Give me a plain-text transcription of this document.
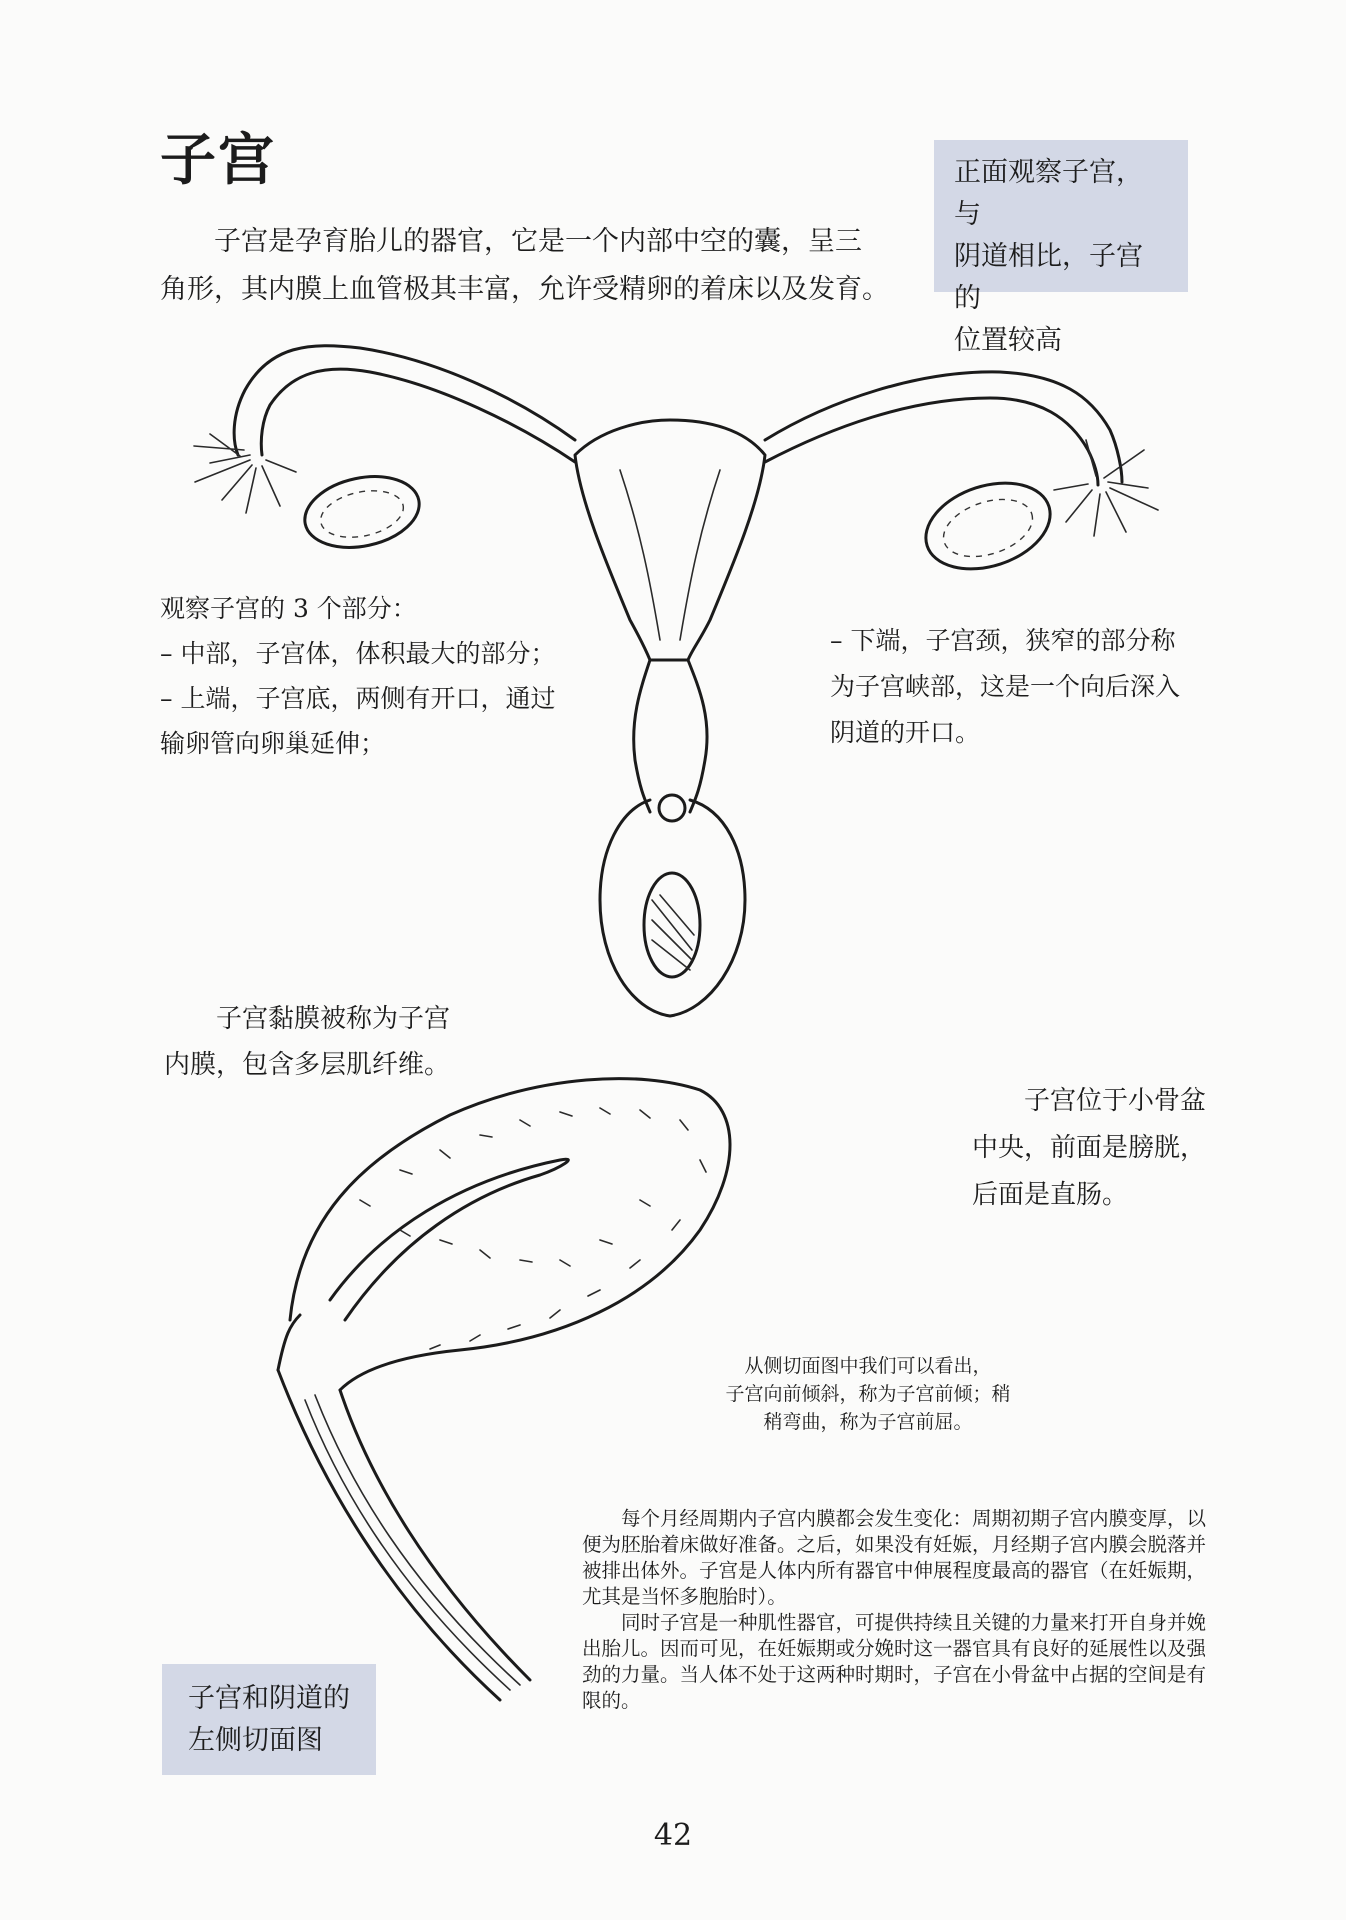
子宫
子宫是孕育胎儿的器官，它是一个内部中空的囊，呈三
角形，其内膜上血管极其丰富，允许受精卵的着床以及发育。
正面观察子宫，与
阴道相比，子宫的
位置较高
观察子宫的 3 个部分：
– 中部，子宫体，体积最大的部分；
– 上端，子宫底，两侧有开口，通过
输卵管向卵巢延伸；
– 下端，子宫颈，狭窄的部分称
为子宫峡部，这是一个向后深入
阴道的开口。
子宫黏膜被称为子宫
内膜，包含多层肌纤维。
子宫位于小骨盆
中央，前面是膀胱，
后面是直肠。
从侧切面图中我们可以看出，
子宫向前倾斜，称为子宫前倾；稍
稍弯曲，称为子宫前屈。

每个月经周期内子宫内膜都会发生变化：周期初期子宫内膜变厚，以便为胚胎着床做好准备。之后，如果没有妊娠，月经期子宫内膜会脱落并被排出体外。子宫是人体内所有器官中伸展程度最高的器官（在妊娠期，尤其是当怀多胞胎时）。

同时子宫是一种肌性器官，可提供持续且关键的力量来打开自身并娩出胎儿。因而可见，在妊娠期或分娩时这一器官具有良好的延展性以及强劲的力量。当人体不处于这两种时期时，子宫在小骨盆中占据的空间是有限的。

子宫和阴道的
左侧切面图
42
